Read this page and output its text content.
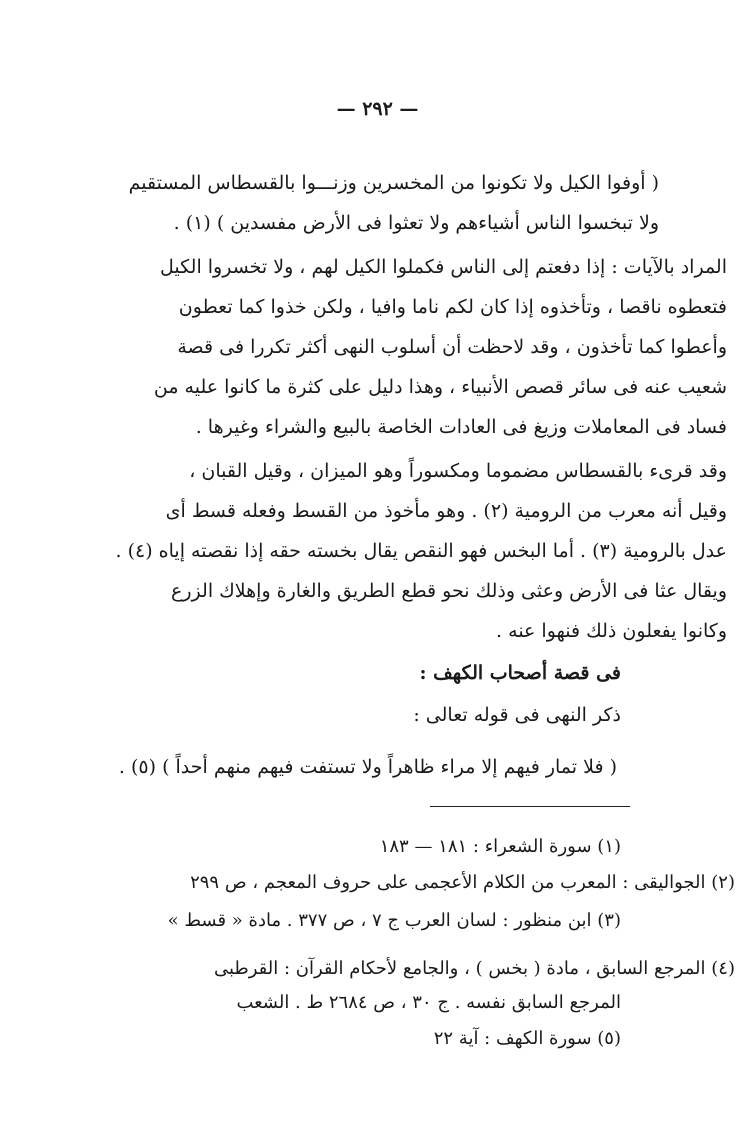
— ٢٩٢ —
( أوفوا الكيل ولا تكونوا من المخسرين وزنـــوا بالقسطاس المستقيم
ولا تبخسوا الناس أشياءهم ولا تعثوا فى الأرض مفسدين ) (١) .
المراد بالآيات : إذا دفعتم إلى الناس فكملوا الكيل لهم ، ولا تخسروا الكيل
فتعطوه ناقصا ، وتأخذوه إذا كان لكم ناما وافيا ، ولكن خذوا كما تعطون
وأعطوا كما تأخذون ، وقد لاحظت أن أسلوب النهى أكثر تكررا فى قصة
شعيب عنه فى سائر قصص الأنبياء ، وهذا دليل على كثرة ما كانوا عليه من
فساد فى المعاملات وزيغ فى العادات الخاصة بالبيع والشراء وغيرها .
وقد قرىء بالقسطاس مضموما ومكسوراً وهو الميزان ، وقيل القبان ،
وقيل أنه معرب من الرومية (٢) . وهو مأخوذ من القسط وفعله قسط أى
عدل بالرومية (٣) . أما البخس فهو النقص يقال بخسته حقه إذا نقصته إياه (٤) .
ويقال عثا فى الأرض وعثى وذلك نحو قطع الطريق والغارة وإهلاك الزرع
وكانوا يفعلون ذلك فنهوا عنه .
فى قصة أصحاب الكهف :
ذكر النهى فى قوله تعالى :
( فلا تمار فيهم إلا مراء ظاهراً ولا تستفت فيهم منهم أحداً ) (٥) .
(١) سورة الشعراء : ١٨١ — ١٨٣
(٢) الجواليقى : المعرب من الكلام الأعجمى على حروف المعجم ، ص ٢٩٩
(٣) ابن منظور : لسان العرب ج ٧ ، ص ٣٧٧ . مادة « قسط »
(٤) المرجع السابق ، مادة ( بخس ) ، والجامع لأحكام القرآن : القرطبى
المرجع السابق نفسه . ج ٣٠ ، ص ٢٦٨٤ ط . الشعب
(٥) سورة الكهف : آية ٢٢
